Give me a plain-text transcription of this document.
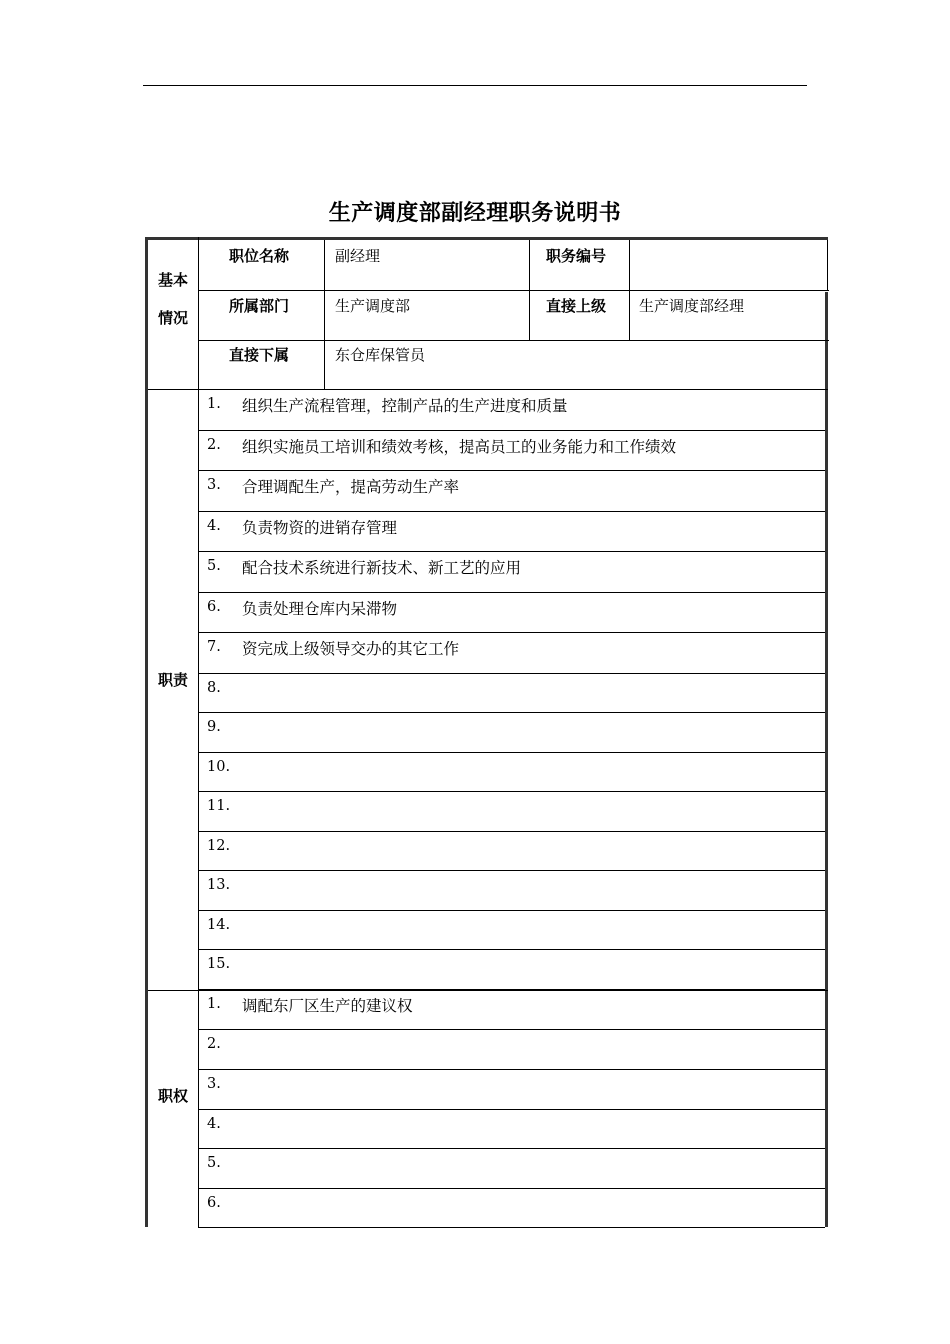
生产调度部副经理职务说明书
基本情况
职位名称	副经理	职务编号
所属部门	生产调度部	直接上级 生产调度部经理
直接下属	东仓库保管员
职责
1. 组织生产流程管理，控制产品的生产进度和质量
2. 组织实施员工培训和绩效考核，提高员工的业务能力和工作绩效
3. 合理调配生产，提高劳动生产率
4. 负责物资的进销存管理
5. 配合技术系统进行新技术、新工艺的应用
6. 负责处理仓库内呆滞物
7. 资完成上级领导交办的其它工作
8.
9.
10.
11.
12.
13.
14.
15.
职权
1. 调配东厂区生产的建议权
2.
3.
4.
5.
6.
